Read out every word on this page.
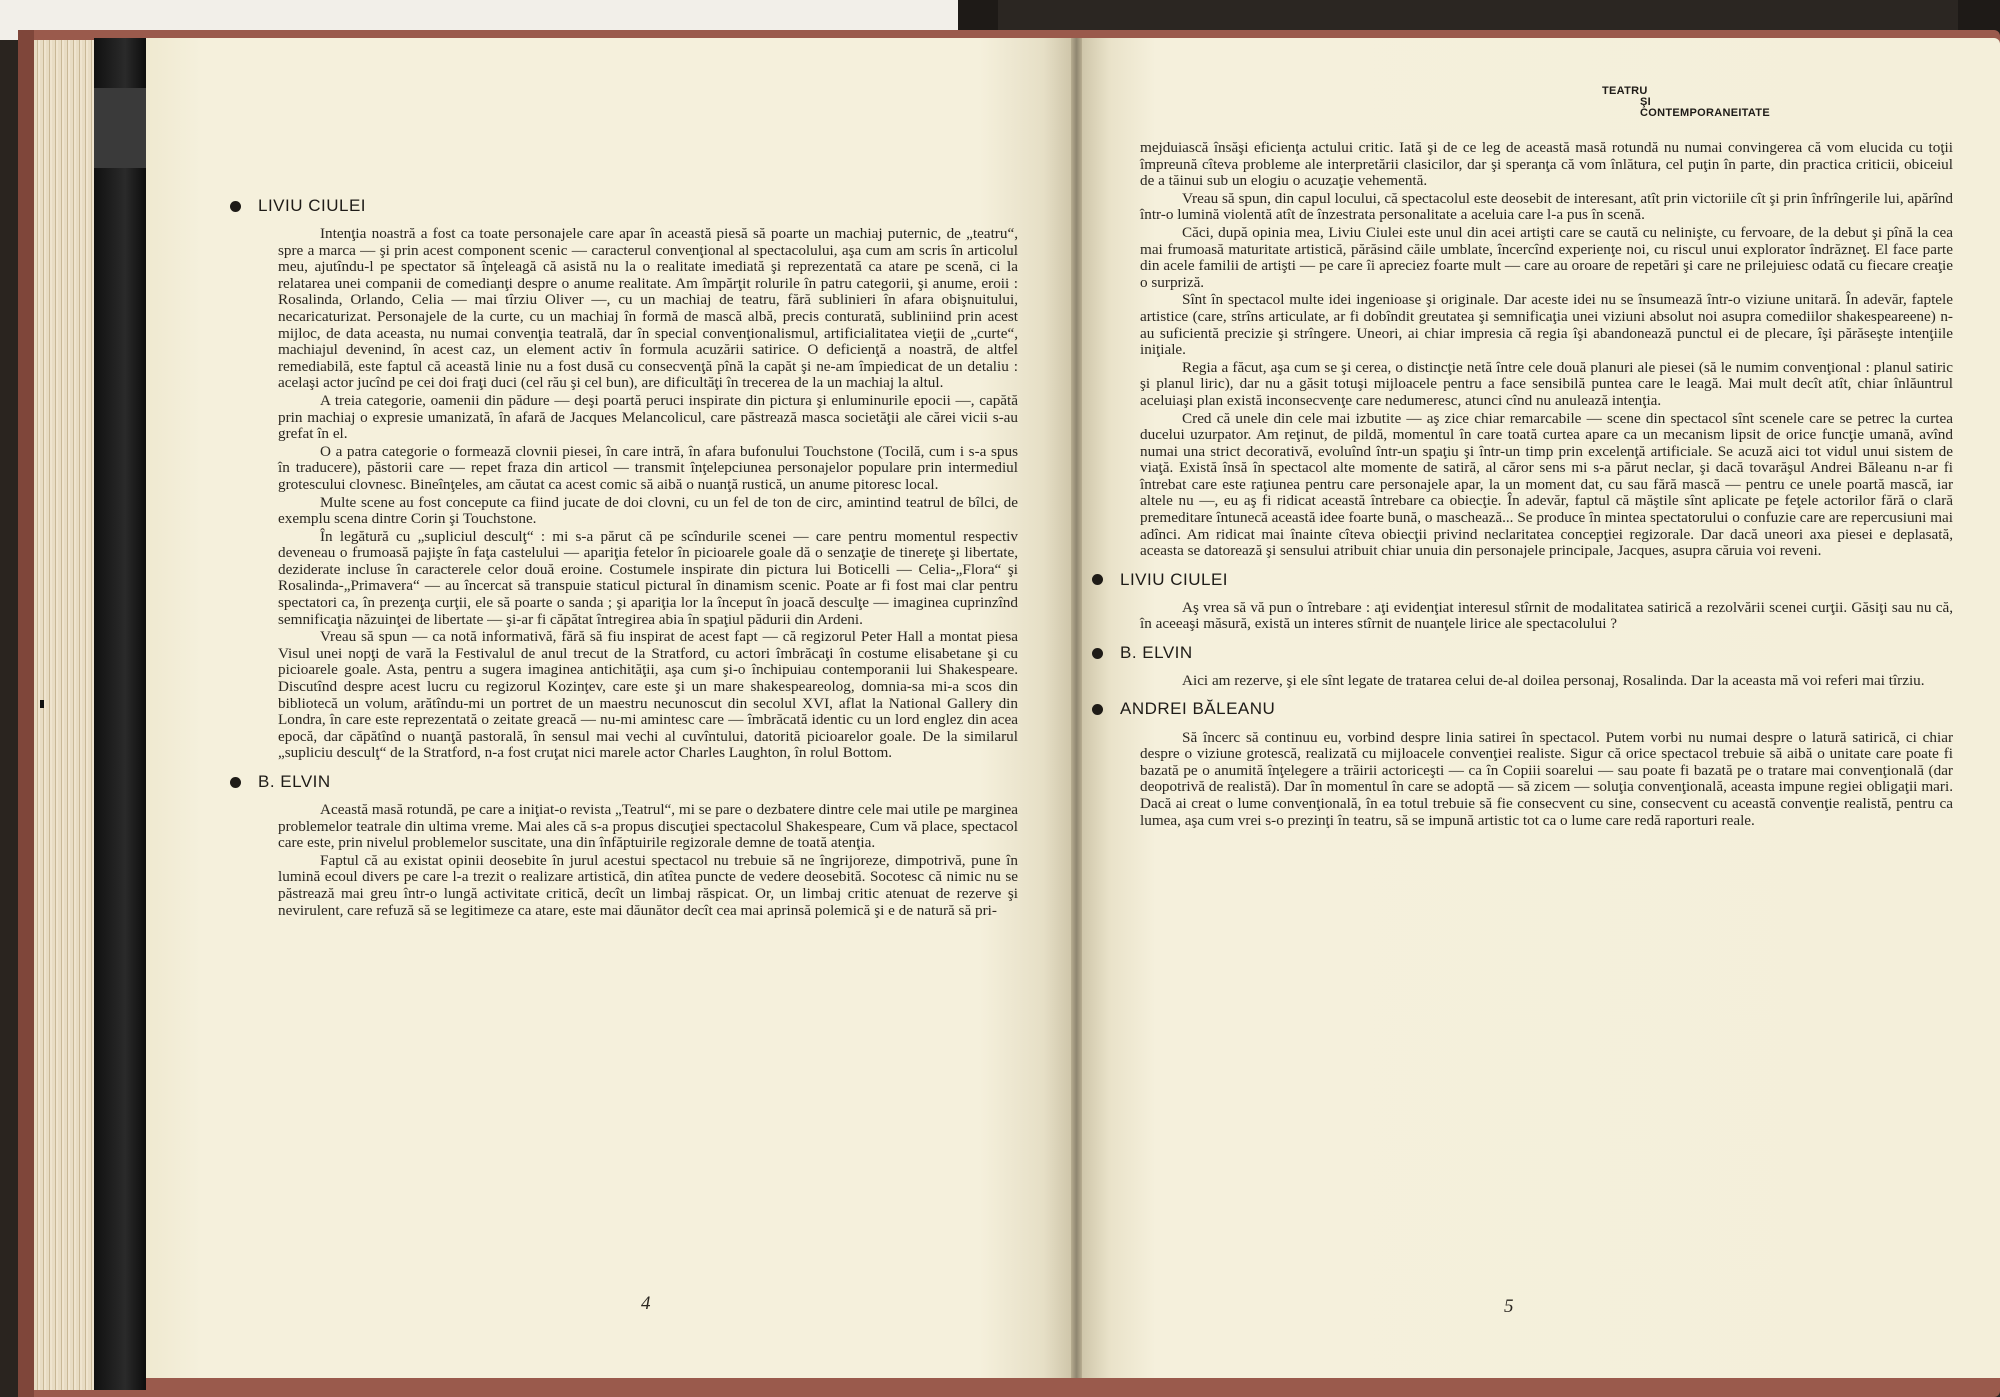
LIVIU CIULEI

Intenţia noastră a fost ca toate personajele care apar în această piesă să poarte un machiaj puternic, de „teatru“, spre a marca — şi prin acest component scenic — caracterul convenţional al spectacolului, aşa cum am scris în articolul meu, ajutîndu-l pe spectator să înţeleagă că asistă nu la o realitate imediată şi reprezentată ca atare pe scenă, ci la relatarea unei companii de comedianţi despre o anume realitate. Am împărţit rolurile în patru categorii, şi anume, eroii : Rosalinda, Orlando, Celia — mai tîrziu Oliver —, cu un machiaj de teatru, fără sublinieri în afara obişnuitului, necaricaturizat. Personajele de la curte, cu un machiaj în formă de mască albă, precis conturată, subliniind prin acest mijloc, de data aceasta, nu numai convenţia teatrală, dar în special convenţionalismul, artificialitatea vieţii de „curte“, machiajul devenind, în acest caz, un element activ în formula acuzării satirice. O deficienţă a noastră, de altfel remediabilă, este faptul că această linie nu a fost dusă cu consecvenţă pînă la capăt şi ne-am împiedicat de un detaliu : acelaşi actor jucînd pe cei doi fraţi duci (cel rău şi cel bun), are dificultăţi în trecerea de la un machiaj la altul.

A treia categorie, oamenii din pădure — deşi poartă peruci inspirate din pictura şi enluminurile epocii —, capătă prin machiaj o expresie umanizată, în afară de Jacques Melancolicul, care păstrează masca societăţii ale cărei vicii s-au grefat în el.

O a patra categorie o formează clovnii piesei, în care intră, în afara bufonului Touchstone (Tocilă, cum i s-a spus în traducere), păstorii care — repet fraza din articol — transmit înţelepciunea personajelor populare prin intermediul grotescului clovnesc. Bineînţeles, am căutat ca acest comic să aibă o nuanţă rustică, un anume pitoresc local.

Multe scene au fost concepute ca fiind jucate de doi clovni, cu un fel de ton de circ, amintind teatrul de bîlci, de exemplu scena dintre Corin şi Touchstone.

În legătură cu „supliciul desculţ“ : mi s-a părut că pe scîndurile scenei — care pentru momentul respectiv deveneau o frumoasă pajişte în faţa castelului — apariţia fetelor în picioarele goale dă o senzaţie de tinereţe şi libertate, dezideratе incluse în caracterele celor două eroine. Costumele inspirate din pictura lui Boticelli — Celia-„Flora“ şi Rosalinda-„Primavera“ — au încercat să transpuie staticul pictural în dinamism scenic. Poate ar fi fost mai clar pentru spectatori ca, în prezenţa curţii, ele să poarte o sanda ; şi apariţia lor la început în joacă desculţe — imaginea cuprinzînd semnificaţia năzuinţei de libertate — şi-ar fi căpătat întregirea abia în spaţiul pădurii din Ardeni.

Vreau să spun — ca notă informativă, fără să fiu inspirat de acest fapt — că regizorul Peter Hall a montat piesa Visul unei nopţi de vară la Festivalul de anul trecut de la Stratford, cu actori îmbrăcaţi în costume elisabetane şi cu picioarele goale. Asta, pentru a sugera imaginea antichităţii, aşa cum şi-o închipuiau contemporanii lui Shakespeare. Discutînd despre acest lucru cu regizorul Kozinţev, care este şi un mare shakespeareolog, domnia-sa mi-a scos din bibliotecă un volum, arătîndu-mi un portret de un maestru necunoscut din secolul XVI, aflat la National Gallery din Londra, în care este reprezentată o zeitate greacă — nu-mi amintesc care — îmbrăcată identic cu un lord englez din acea epocă, dar căpătînd o nuanţă pastorală, în sensul mai vechi al cuvîntului, datorită picioarelor goale. De la similarul „supliciu desculţ“ de la Stratford, n-a fost cruţat nici marele actor Charles Laughton, în rolul Bottom.

B. ELVIN

Această masă rotundă, pe care a iniţiat-o revista „Teatrul“, mi se pare o dezbatere dintre cele mai utile pe marginea problemelor teatrale din ultima vreme. Mai ales că s-a propus discuţiei spectacolul Shakespeare, Cum vă place, spectacol care este, prin nivelul problemelor suscitate, una din înfăptuirile regizorale demne de toată atenţia.

Faptul că au existat opinii deosebite în jurul acestui spectacol nu trebuie să ne îngrijoreze, dimpotrivă, pune în lumină ecoul divers pe care l-a trezit o realizare artistică, din atîtea puncte de vedere deosebită. Socotesc că nimic nu se păstrează mai greu într-o lungă activitate critică, decît un limbaj răspicat. Or, un limbaj critic atenuat de rezerve şi nevirulent, care refuză să se legitimeze ca atare, este mai dăunător decît cea mai aprinsă polemică şi e de natură să pri-

4
TEATRU
ŞI
CONTEMPORANEITATE

mejduiască însăşi eficienţa actului critic. Iată şi de ce leg de această masă rotundă nu numai convingerea că vom elucida cu toţii împreună cîteva probleme ale interpretării clasicilor, dar şi speranţa că vom înlătura, cel puţin în parte, din practica criticii, obiceiul de a tăinui sub un elogiu o acuzaţie vehementă.

Vreau să spun, din capul locului, că spectacolul este deosebit de interesant, atît prin victoriile cît şi prin înfrîngerile lui, apărînd într-o lumină violentă atît de înzestrata personalitate a aceluia care l-a pus în scenă.

Căci, după opinia mea, Liviu Ciulei este unul din acei artişti care se caută cu nelinişte, cu fervoare, de la debut şi pînă la cea mai frumoasă maturitate artistică, părăsind căile umblate, încercînd experienţe noi, cu riscul unui explorator îndrăzneţ. El face parte din acele familii de artişti — pe care îi apreciez foarte mult — care au oroare de repetări şi care ne prilejuiesc odată cu fiecare creaţie o surpriză.

Sînt în spectacol multe idei ingenioase şi originale. Dar aceste idei nu se însumează într-o viziune unitară. În adevăr, faptele artistice (care, strîns articulate, ar fi dobîndit greutatea şi semnificaţia unei viziuni absolut noi asupra comediilor shakespeareene) n-au suficientă precizie şi strîngere. Uneori, ai chiar impresia că regia îşi abandonează punctul ei de plecare, îşi părăseşte intenţiile iniţiale.

Regia a făcut, aşa cum se şi cerea, o distincţie netă între cele două planuri ale piesei (să le numim convenţional : planul satiric şi planul liric), dar nu a găsit totuşi mijloacele pentru a face sensibilă puntea care le leagă. Mai mult decît atît, chiar înlăuntrul aceluiaşi plan există inconsecvenţe care nedumeresc, atunci cînd nu anulează intenţia.

Cred că unele din cele mai izbutite — aş zice chiar remarcabile — scene din spectacol sînt scenele care se petrec la curtea ducelui uzurpator. Am reţinut, de pildă, momentul în care toată curtea apare ca un mecanism lipsit de orice funcţie umană, avînd numai una strict decorativă, evoluînd într-un spaţiu şi într-un timp prin excelenţă artificiale. Se acuză aici tot vidul unui sistem de viaţă. Există însă în spectacol alte momente de satiră, al căror sens mi s-a părut neclar, şi dacă tovarăşul Andrei Băleanu n-ar fi întrebat care este raţiunea pentru care personajele apar, la un moment dat, cu sau fără mască — pentru ce unele poartă mască, iar altele nu —, eu aş fi ridicat această întrebare ca obiecţie. În adevăr, faptul că măştile sînt aplicate pe feţele actorilor fără o clară premeditare întunecă această idee foarte bună, o maschează... Se produce în mintea spectatorului o confuzie care are repercusiuni mai adînci. Am ridicat mai înainte cîteva obiecţii privind neclaritatea concepţiei regizorale. Dar dacă uneori axa piesei e deplasată, aceasta se datorează şi sensului atribuit chiar unuia din personajele principale, Jacques, asupra căruia voi reveni.

LIVIU CIULEI

Aş vrea să vă pun o întrebare : aţi evidenţiat interesul stîrnit de modalitatea satirică a rezolvării scenei curţii. Găsiţi sau nu că, în aceeaşi măsură, există un interes stîrnit de nuanţele lirice ale spectacolului ?

B. ELVIN

Aici am rezerve, şi ele sînt legate de tratarea celui de-al doilea personaj, Rosalinda. Dar la aceasta mă voi referi mai tîrziu.

ANDREI BĂLEANU

Să încerc să continuu eu, vorbind despre linia satirei în spectacol. Putem vorbi nu numai despre o latură satirică, ci chiar despre o viziune grotescă, realizată cu mijloacele convenţiei realiste. Sigur că orice spectacol trebuie să aibă o unitate care poate fi bazată pe o anumită înţelegere a trăirii actoriceşti — ca în Copiii soarelui — sau poate fi bazată pe o tratare mai convenţională (dar deopotrivă de realistă). Dar în momentul în care se adoptă — să zicem — soluţia convenţională, aceasta impune regiei obligaţii mari. Dacă ai creat o lume convenţională, în ea totul trebuie să fie consecvent cu sine, consecvent cu această convenţie realistă, pentru ca lumea, aşa cum vrei s-o prezinţi în teatru, să se impună artistic tot ca o lume care redă raporturi reale.

5
